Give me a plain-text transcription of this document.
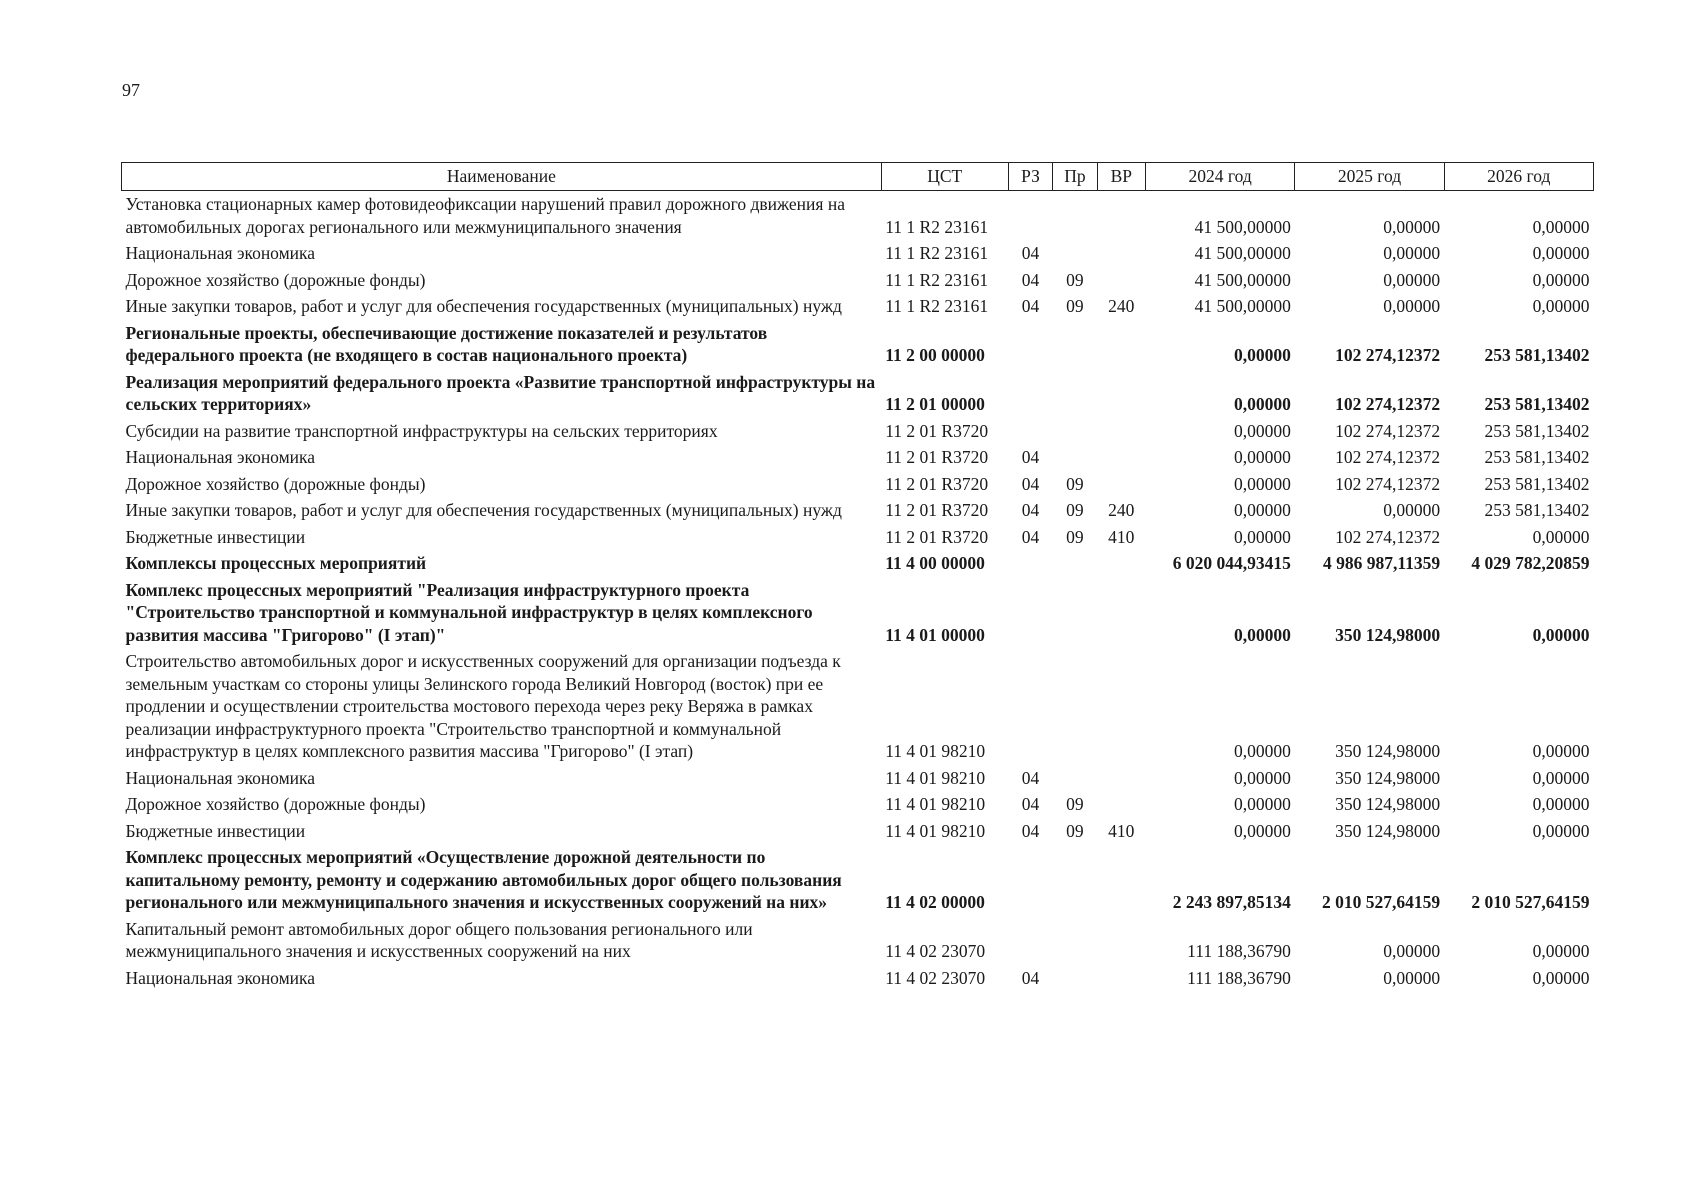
97
Наименование	ЦСТ	РЗ	Пр	ВР	2024 год	2025 год	2026 год
Установка стационарных камер фотовидеофиксации нарушений правил дорожного движения на автомобильных дорогах регионального или межмуниципального значения	11 1 R2 23161				41 500,00000	0,00000	0,00000
Национальная экономика	11 1 R2 23161	04			41 500,00000	0,00000	0,00000
Дорожное хозяйство (дорожные фонды)	11 1 R2 23161	04	09		41 500,00000	0,00000	0,00000
Иные закупки товаров, работ и услуг для обеспечения государственных (муниципальных) нужд	11 1 R2 23161	04	09	240	41 500,00000	0,00000	0,00000
Региональные проекты, обеспечивающие достижение показателей и результатов федерального проекта (не входящего в состав национального проекта)	11 2 00 00000				0,00000	102 274,12372	253 581,13402
Реализация мероприятий федерального проекта «Развитие транспортной инфраструктуры на сельских территориях»	11 2 01 00000				0,00000	102 274,12372	253 581,13402
Субсидии на развитие транспортной инфраструктуры на сельских территориях	11 2 01 R3720				0,00000	102 274,12372	253 581,13402
Национальная экономика	11 2 01 R3720	04			0,00000	102 274,12372	253 581,13402
Дорожное хозяйство (дорожные фонды)	11 2 01 R3720	04	09		0,00000	102 274,12372	253 581,13402
Иные закупки товаров, работ и услуг для обеспечения государственных (муниципальных) нужд	11 2 01 R3720	04	09	240	0,00000	0,00000	253 581,13402
Бюджетные инвестиции	11 2 01 R3720	04	09	410	0,00000	102 274,12372	0,00000
Комплексы процессных мероприятий	11 4 00 00000				6 020 044,93415	4 986 987,11359	4 029 782,20859
Комплекс процессных мероприятий "Реализация инфраструктурного проекта "Строительство транспортной и коммунальной инфраструктур в целях комплексного развития массива "Григорово" (I этап)"	11 4 01 00000				0,00000	350 124,98000	0,00000
Строительство автомобильных дорог и искусственных сооружений для организации подъезда к земельным участкам со стороны улицы Зелинского города Великий Новгород (восток) при ее продлении и осуществлении строительства мостового перехода через реку Веряжа в рамках реализации инфраструктурного проекта "Строительство транспортной и коммунальной инфраструктур в целях комплексного развития массива "Григорово" (I этап)	11 4 01 98210				0,00000	350 124,98000	0,00000
Национальная экономика	11 4 01 98210	04			0,00000	350 124,98000	0,00000
Дорожное хозяйство (дорожные фонды)	11 4 01 98210	04	09		0,00000	350 124,98000	0,00000
Бюджетные инвестиции	11 4 01 98210	04	09	410	0,00000	350 124,98000	0,00000
Комплекс процессных мероприятий «Осуществление дорожной деятельности по капитальному ремонту, ремонту и содержанию автомобильных дорог общего пользования регионального или межмуниципального значения и искусственных сооружений на них»	11 4 02 00000				2 243 897,85134	2 010 527,64159	2 010 527,64159
Капитальный ремонт автомобильных дорог общего пользования регионального или межмуниципального значения и искусственных сооружений на них	11 4 02 23070				111 188,36790	0,00000	0,00000
Национальная экономика	11 4 02 23070	04			111 188,36790	0,00000	0,00000
